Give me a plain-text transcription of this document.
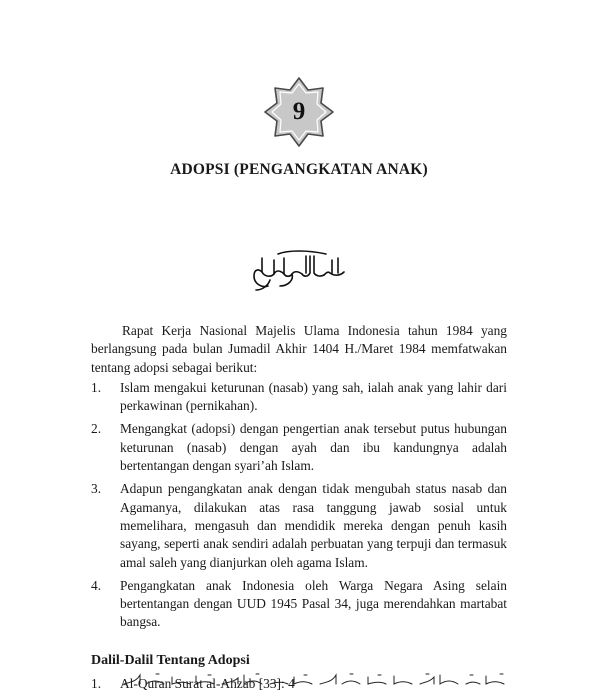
9
ADOPSI (PENGANGKATAN ANAK)

Rapat Kerja Nasional Majelis Ulama Indonesia tahun 1984 yang berlangsung pada bulan Jumadil Akhir 1404 H./Maret 1984 memfatwakan tentang adopsi sebagai berikut:

1.	Islam mengakui keturunan (nasab) yang sah, ialah anak yang lahir dari perkawinan (pernikahan).
2.	Mengangkat (adopsi) dengan pengertian anak tersebut putus hubungan keturunan (nasab) dengan ayah dan ibu kandungnya adalah bertentangan dengan syari’ah Islam.
3.	Adapun pengangkatan anak dengan tidak mengubah status nasab dan Agamanya, dilakukan atas rasa tanggung jawab sosial untuk memelihara, mengasuh dan mendidik mereka dengan penuh kasih sayang, seperti anak sendiri adalah perbuatan yang terpuji dan termasuk amal saleh yang dianjurkan oleh agama Islam.
4.	Pengangkatan anak Indonesia oleh Warga Negara Asing selain bertentangan dengan UUD 1945 Pasal 34, juga merendahkan martabat bangsa.
Dalil-Dalil Tentang Adopsi
1.	Al-Quran Surat al-Ahzab [33]: 4
